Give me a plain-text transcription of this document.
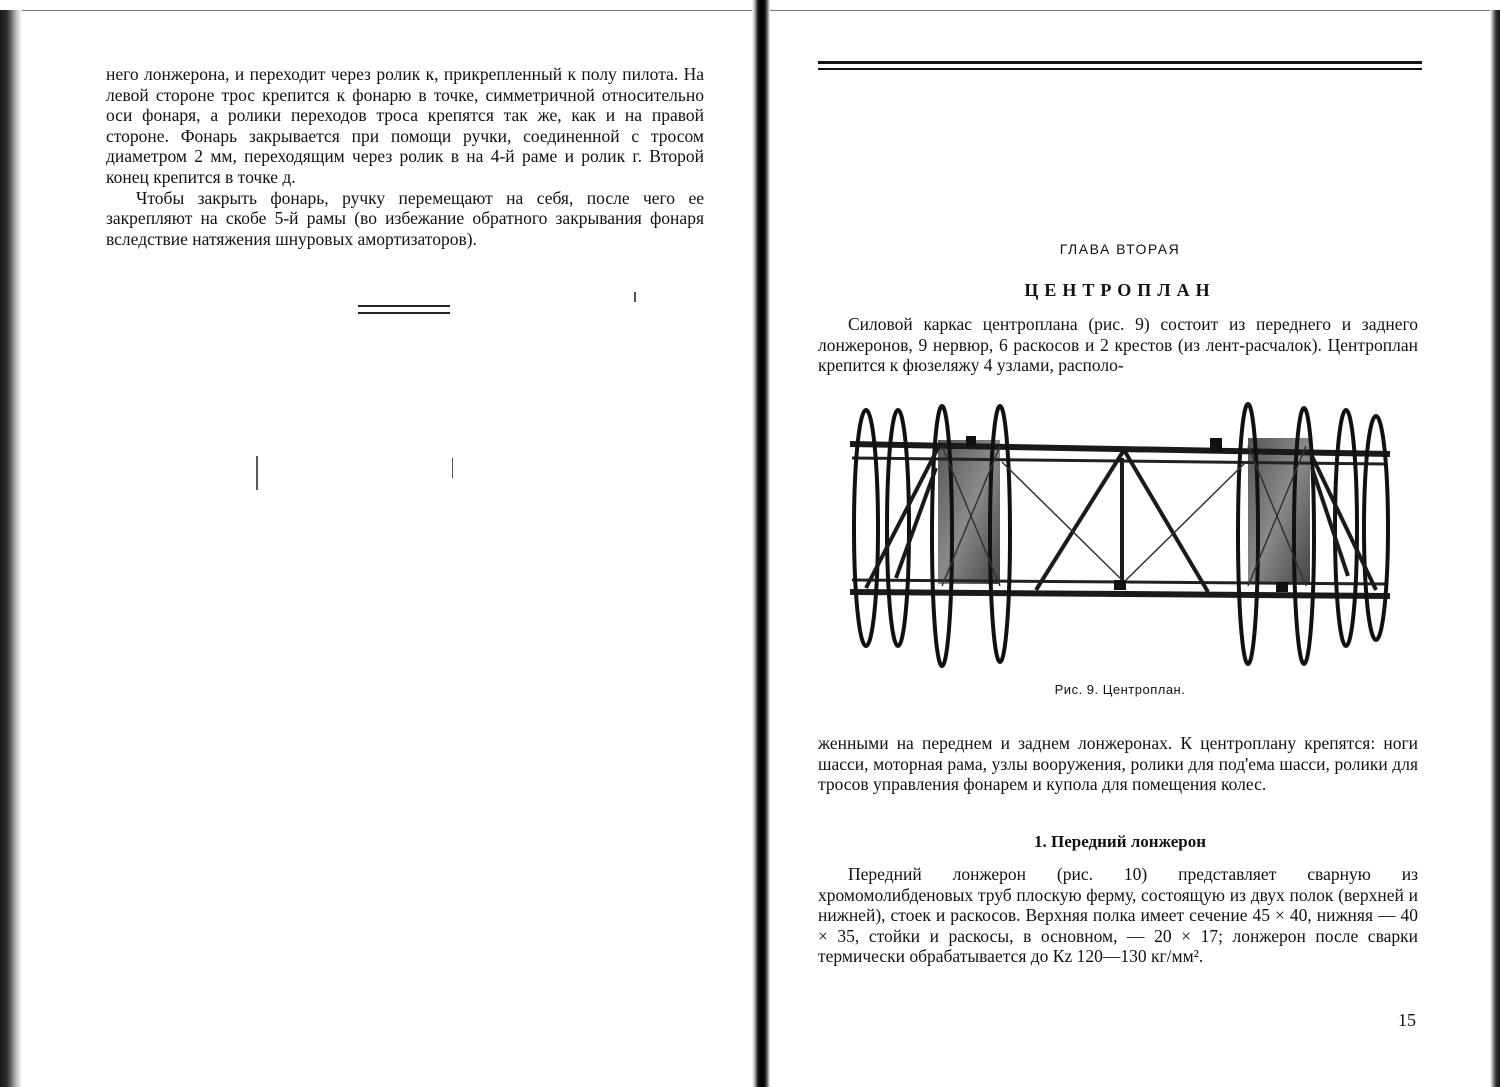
него лонжерона, и переходит через ролик к, прикрепленный к полу пилота. На левой стороне трос крепится к фонарю в точке, симметричной относительно оси фонаря, а ролики переходов троса крепятся так же, как и на правой стороне. Фонарь закрывается при помощи ручки, соединенной с тросом диаметром 2 мм, переходящим через ролик в на 4-й раме и ролик г. Второй конец крепится в точке д.

Чтобы закрыть фонарь, ручку перемещают на себя, после чего ее закрепляют на скобе 5-й рамы (во избежание обратного закрывания фонаря вследствие натяжения шнуровых амортизаторов).

ГЛАВА ВТОРАЯ
ЦЕНТРОПЛАН

Силовой каркас центроплана (рис. 9) состоит из переднего и заднего лонжеронов, 9 нервюр, 6 раскосов и 2 крестов (из лент-расчалок). Центроплан крепится к фюзеляжу 4 узлами, располо-

Рис. 9. Центроплан.

женными на переднем и заднем лонжеронах. К центроплану крепятся: ноги шасси, моторная рама, узлы вооружения, ролики для под'ема шасси, ролики для тросов управления фонарем и купола для помещения колес.

1. Передний лонжерон

Передний лонжерон (рис. 10) представляет сварную из хромомолибденовых труб плоскую ферму, состоящую из двух полок (верхней и нижней), стоек и раскосов. Верхняя полка имеет сечение 45 × 40, нижняя — 40 × 35, стойки и раскосы, в основном, — 20 × 17; лонжерон после сварки термически обрабатывается до Кz 120—130 кг/мм².

15
